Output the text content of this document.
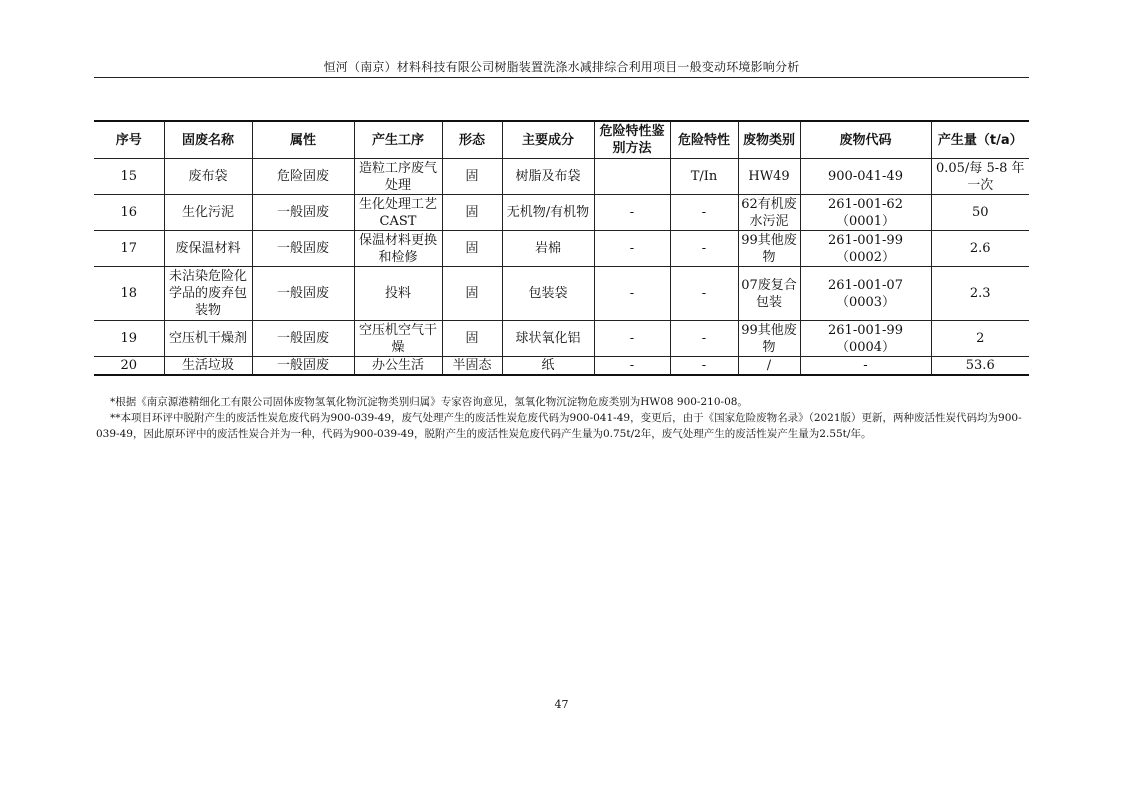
恒河（南京）材料科技有限公司树脂装置洗涤水减排综合利用项目一般变动环境影响分析
序号	固废名称	属性	产生工序	形态	主要成分	危险特性鉴别方法	危险特性	废物类别	废物代码	产生量（t/a）
15	废布袋	危险固废	造粒工序废气处理	固	树脂及布袋		T/In	HW49	900-041-49	0.05/每 5-8 年一次
16	生化污泥	一般固废	生化处理工艺CAST	固	无机物/有机物	-	-	62有机废水污泥	261-001-62（0001）	50
17	废保温材料	一般固废	保温材料更换和检修	固	岩棉	-	-	99其他废物	261-001-99（0002）	2.6
18	未沾染危险化学品的废弃包装物	一般固废	投料	固	包装袋	-	-	07废复合包装	261-001-07（0003）	2.3
19	空压机干燥剂	一般固废	空压机空气干燥	固	球状氧化铝	-	-	99其他废物	261-001-99（0004）	2
20	生活垃圾	一般固废	办公生活	半固态	纸	-	-	/	-	53.6

*根据《南京源港精细化工有限公司固体废物氢氧化物沉淀物类别归属》专家咨询意见，氢氧化物沉淀物危废类别为HW08 900-210-08。

**本项目环评中脱附产生的废活性炭危废代码为900-039-49，废气处理产生的废活性炭危废代码为900-041-49，变更后，由于《国家危险废物名录》（2021版）更新，两种废活性炭代码均为900-039-49，因此原环评中的废活性炭合并为一种，代码为900-039-49，脱附产生的废活性炭危废代码产生量为0.75t/2年，废气处理产生的废活性炭产生量为2.55t/年。

47
